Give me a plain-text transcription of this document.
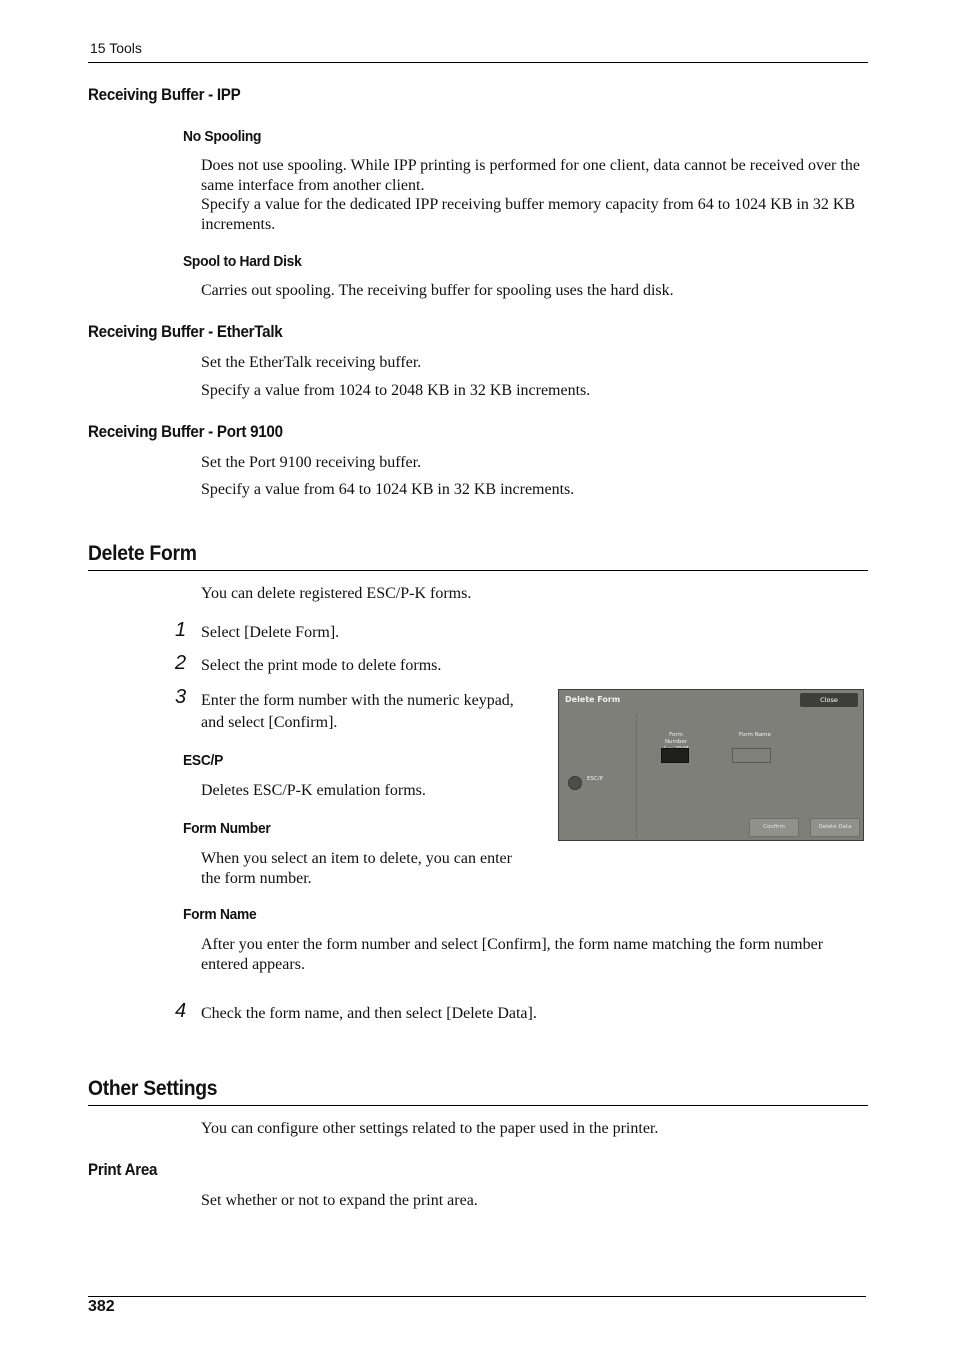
15 Tools
Receiving Buffer - IPP
No Spooling
Does not use spooling. While IPP printing is performed for one client, data cannot be received over the same interface from another client.
Specify a value for the dedicated IPP receiving buffer memory capacity from 64 to 1024 KB in 32 KB increments.
Spool to Hard Disk
Carries out spooling. The receiving buffer for spooling uses the hard disk.
Receiving Buffer - EtherTalk
Set the EtherTalk receiving buffer.
Specify a value from 1024 to 2048 KB in 32 KB increments.
Receiving Buffer - Port 9100
Set the Port 9100 receiving buffer.
Specify a value from 64 to 1024 KB in 32 KB increments.
Delete Form
You can delete registered ESC/P-K forms.
1 Select [Delete Form].
2 Select the print mode to delete forms.
3 Enter the form number with the numeric keypad, and select [Confirm].
ESC/P
Deletes ESC/P-K emulation forms.
Form Number
When you select an item to delete, you can enter the form number.
Form Name
After you enter the form number and select [Confirm], the form name matching the form number entered appears.
4 Check the form name, and then select [Delete Data].
Delete Form	Close
ESC/P
Form Number
Form Name
Confirm	Delete Data
Other Settings
You can configure other settings related to the paper used in the printer.
Print Area
Set whether or not to expand the print area.
382
